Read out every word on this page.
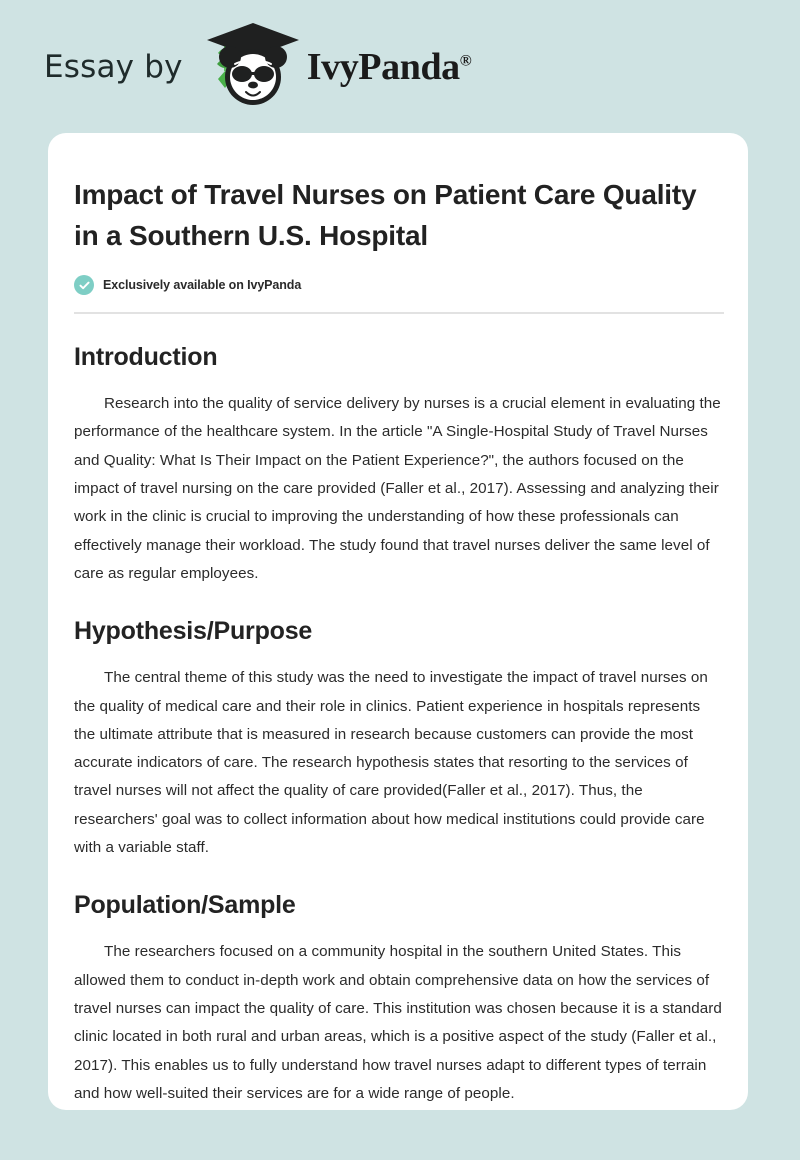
Essay by	IvyPanda®
Impact of Travel Nurses on Patient Care Quality in a Southern U.S. Hospital
Exclusively available on IvyPanda
Introduction

Research into the quality of service delivery by nurses is a crucial element in evaluating the performance of the healthcare system. In the article "A Single-Hospital Study of Travel Nurses and Quality: What Is Their Impact on the Patient Experience?", the authors focused on the impact of travel nursing on the care provided (Faller et al., 2017). Assessing and analyzing their work in the clinic is crucial to improving the understanding of how these professionals can effectively manage their workload. The study found that travel nurses deliver the same level of care as regular employees.

Hypothesis/Purpose

The central theme of this study was the need to investigate the impact of travel nurses on the quality of medical care and their role in clinics. Patient experience in hospitals represents the ultimate attribute that is measured in research because customers can provide the most accurate indicators of care. The research hypothesis states that resorting to the services of travel nurses will not affect the quality of care provided(Faller et al., 2017). Thus, the researchers' goal was to collect information about how medical institutions could provide care with a variable staff.

Population/Sample

The researchers focused on a community hospital in the southern United States. This allowed them to conduct in-depth work and obtain comprehensive data on how the services of travel nurses can impact the quality of care. This institution was chosen because it is a standard clinic located in both rural and urban areas, which is a positive aspect of the study (Faller et al., 2017). This enables us to fully understand how travel nurses adapt to different types of terrain and how well-suited their services are for a wide range of people.
